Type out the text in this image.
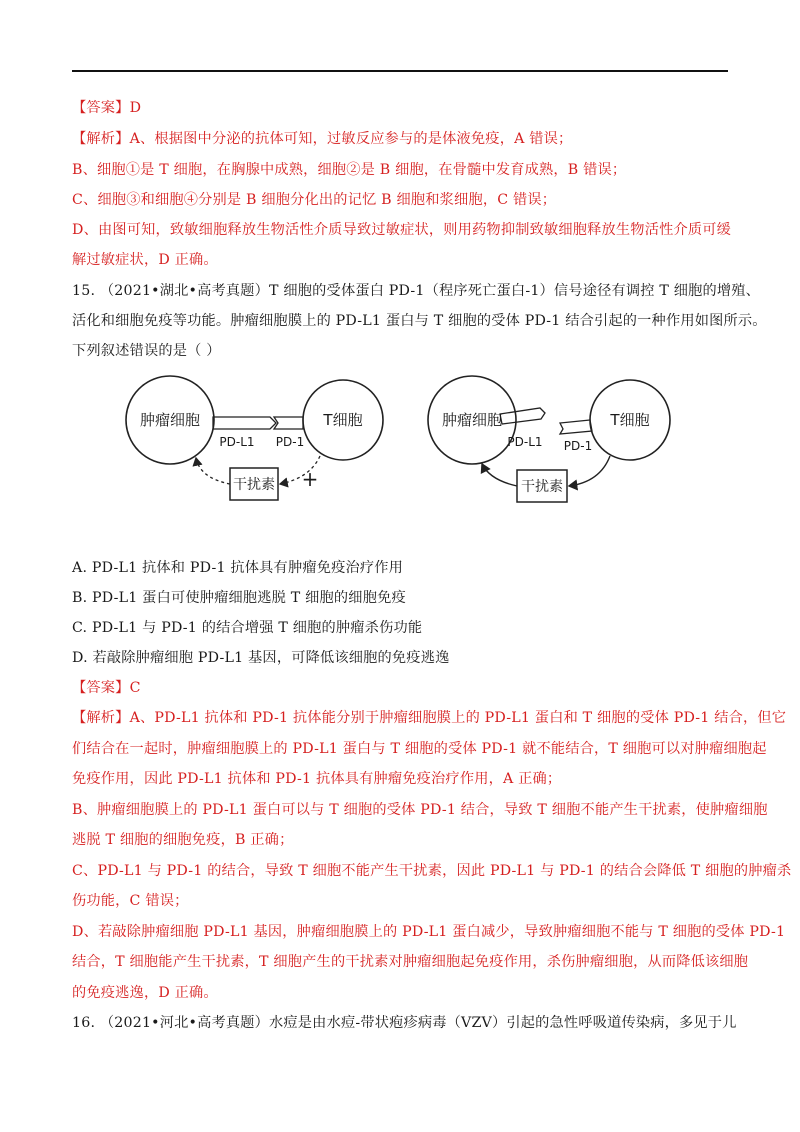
【答案】D
【解析】A、根据图中分泌的抗体可知，过敏反应参与的是体液免疫，A 错误；
B、细胞①是 T 细胞，在胸腺中成熟，细胞②是 B 细胞，在骨髓中发育成熟，B 错误；
C、细胞③和细胞④分别是 B 细胞分化出的记忆 B 细胞和浆细胞，C 错误；
D、由图可知，致敏细胞释放生物活性介质导致过敏症状，则用药物抑制致敏细胞释放生物活性介质可缓
解过敏症状，D 正确。
15. （2021•湖北•高考真题）T 细胞的受体蛋白 PD-1（程序死亡蛋白-1）信号途径有调控 T 细胞的增殖、
活化和细胞免疫等功能。肿瘤细胞膜上的 PD-L1 蛋白与 T 细胞的受体 PD-1 结合引起的一种作用如图所示。
下列叙述错误的是（ ）
肿瘤细胞	T细胞
PD-L1 PD-1
干扰素 +
肿瘤细胞	T细胞
PD-L1 PD-1
干扰素
A. PD-L1 抗体和 PD-1 抗体具有肿瘤免疫治疗作用
B. PD-L1 蛋白可使肿瘤细胞逃脱 T 细胞的细胞免疫
C. PD-L1 与 PD-1 的结合增强 T 细胞的肿瘤杀伤功能
D. 若敲除肿瘤细胞 PD-L1 基因，可降低该细胞的免疫逃逸
【答案】C
【解析】A、PD-L1 抗体和 PD-1 抗体能分别于肿瘤细胞膜上的 PD-L1 蛋白和 T 细胞的受体 PD-1 结合，但它
们结合在一起时，肿瘤细胞膜上的 PD-L1 蛋白与 T 细胞的受体 PD-1 就不能结合，T 细胞可以对肿瘤细胞起
免疫作用，因此 PD-L1 抗体和 PD-1 抗体具有肿瘤免疫治疗作用，A 正确；
B、肿瘤细胞膜上的 PD-L1 蛋白可以与 T 细胞的受体 PD-1 结合，导致 T 细胞不能产生干扰素，使肿瘤细胞
逃脱 T 细胞的细胞免疫，B 正确；
C、PD-L1 与 PD-1 的结合，导致 T 细胞不能产生干扰素，因此 PD-L1 与 PD-1 的结合会降低 T 细胞的肿瘤杀
伤功能，C 错误；
D、若敲除肿瘤细胞 PD-L1 基因，肿瘤细胞膜上的 PD-L1 蛋白减少，导致肿瘤细胞不能与 T 细胞的受体 PD-1
结合，T 细胞能产生干扰素，T 细胞产生的干扰素对肿瘤细胞起免疫作用，杀伤肿瘤细胞，从而降低该细胞
的免疫逃逸，D 正确。
16. （2021•河北•高考真题）水痘是由水痘-带状疱疹病毒（VZV）引起的急性呼吸道传染病，多见于儿
